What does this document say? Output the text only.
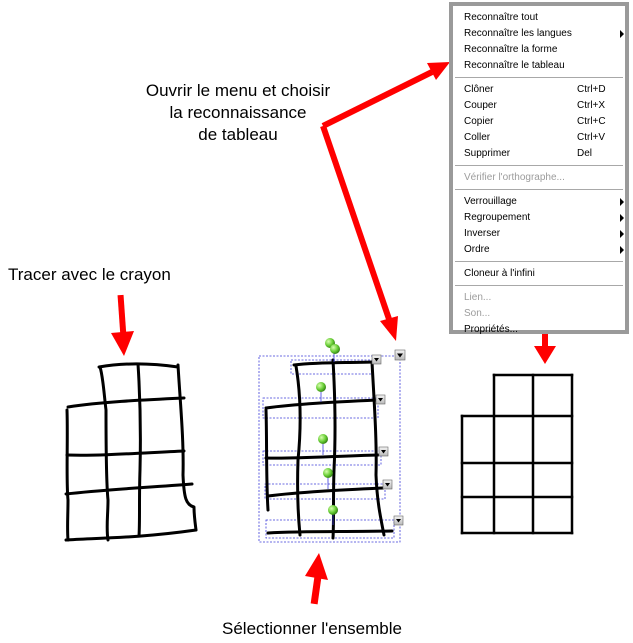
Ouvrir le menu et choisir
la reconnaissance
de tableau
Tracer avec le crayon
Sélectionner l'ensemble
Reconnaître tout
Reconnaître les langues
Reconnaître la forme
Reconnaître le tableau
Clôner	Ctrl+D
Couper	Ctrl+X
Copier	Ctrl+C
Coller	Ctrl+V
Supprimer	Del
Vérifier l'orthographe...
Verrouillage
Regroupement
Inverser
Ordre
Cloneur à l'infini
Lien...
Son...
Propriétés...
